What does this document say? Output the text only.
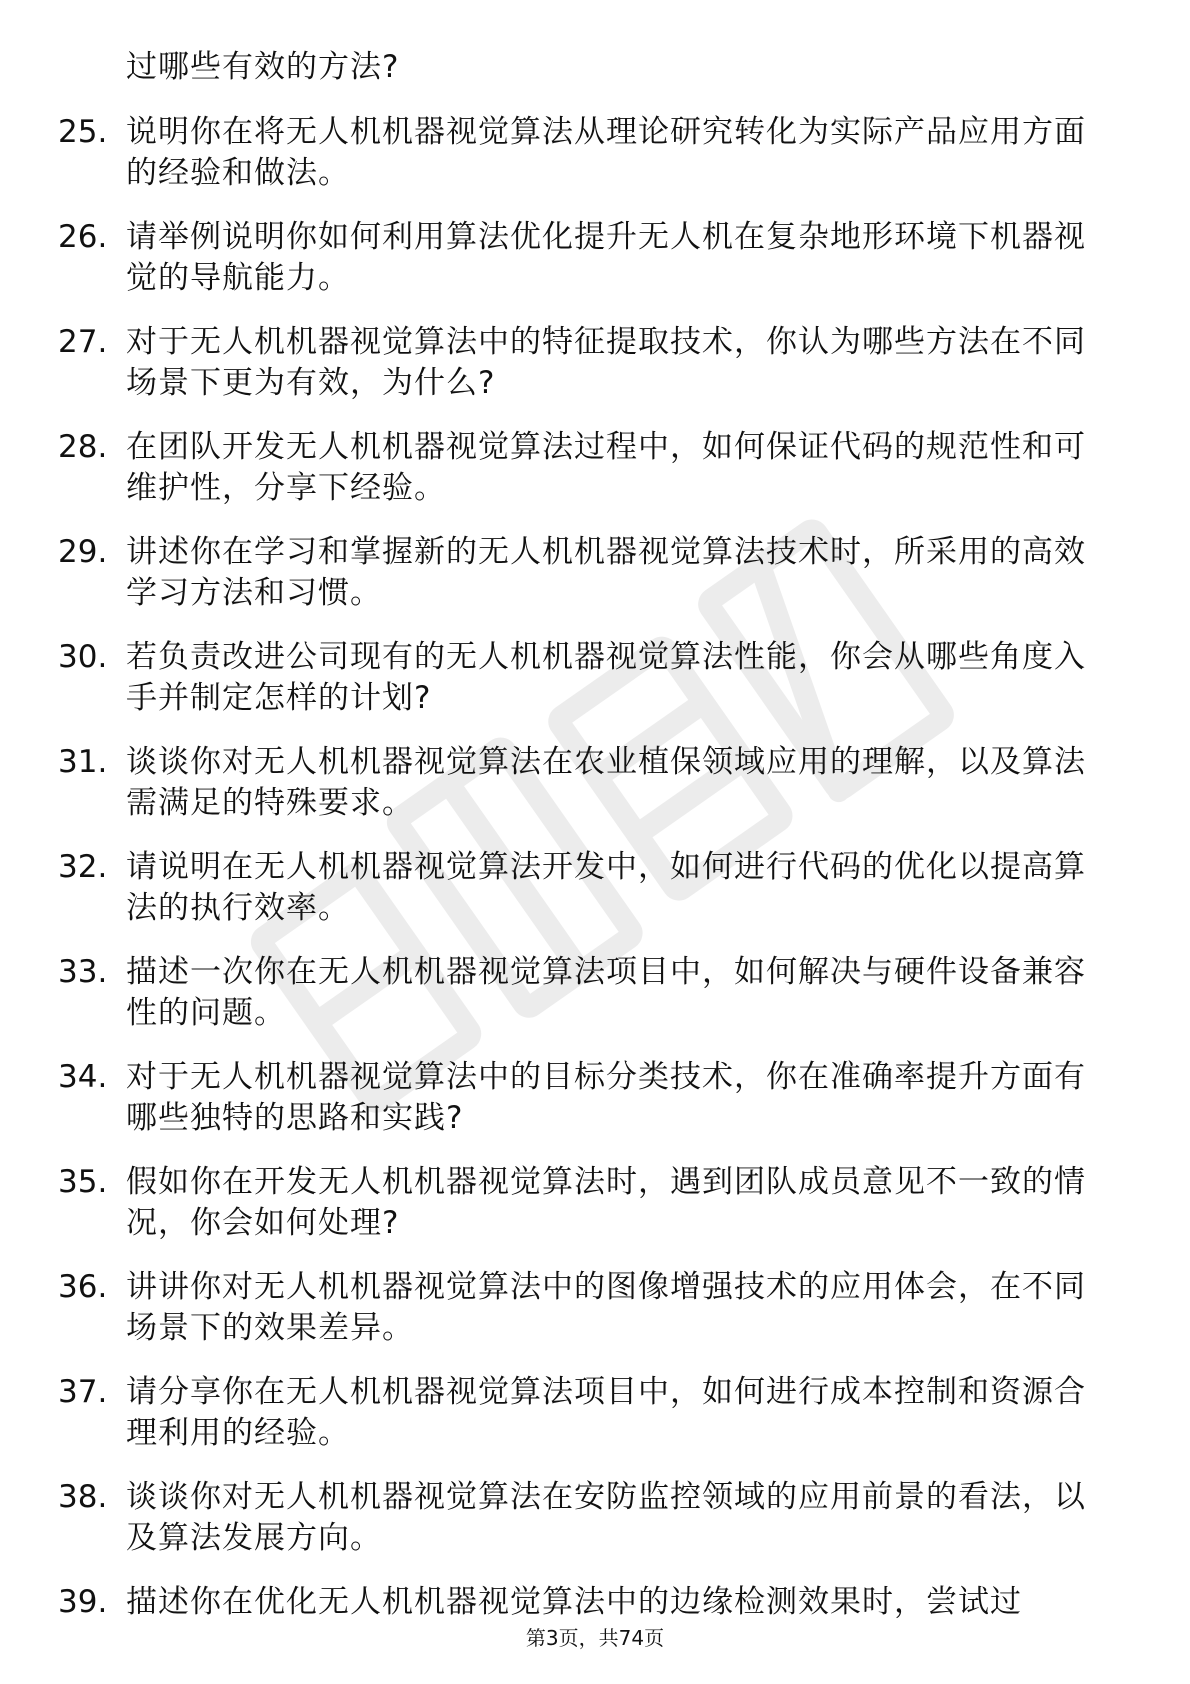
过哪些有效的方法?
25. 说明你在将无人机机器视觉算法从理论研究转化为实际产品应用方面的经验和做法。
26. 请举例说明你如何利用算法优化提升无人机在复杂地形环境下机器视觉的导航能力。
27. 对于无人机机器视觉算法中的特征提取技术，你认为哪些方法在不同场景下更为有效，为什么?
28. 在团队开发无人机机器视觉算法过程中，如何保证代码的规范性和可维护性，分享下经验。
29. 讲述你在学习和掌握新的无人机机器视觉算法技术时，所采用的高效学习方法和习惯。
30. 若负责改进公司现有的无人机机器视觉算法性能，你会从哪些角度入手并制定怎样的计划?
31. 谈谈你对无人机机器视觉算法在农业植保领域应用的理解，以及算法需满足的特殊要求。
32. 请说明在无人机机器视觉算法开发中，如何进行代码的优化以提高算法的执行效率。
33. 描述一次你在无人机机器视觉算法项目中，如何解决与硬件设备兼容性的问题。
34. 对于无人机机器视觉算法中的目标分类技术，你在准确率提升方面有哪些独特的思路和实践?
35. 假如你在开发无人机机器视觉算法时，遇到团队成员意见不一致的情况，你会如何处理?
36. 讲讲你对无人机机器视觉算法中的图像增强技术的应用体会，在不同场景下的效果差异。
37. 请分享你在无人机机器视觉算法项目中，如何进行成本控制和资源合理利用的经验。
38. 谈谈你对无人机机器视觉算法在安防监控领域的应用前景的看法，以及算法发展方向。
39. 描述你在优化无人机机器视觉算法中的边缘检测效果时，尝试过
第3页，共74页
